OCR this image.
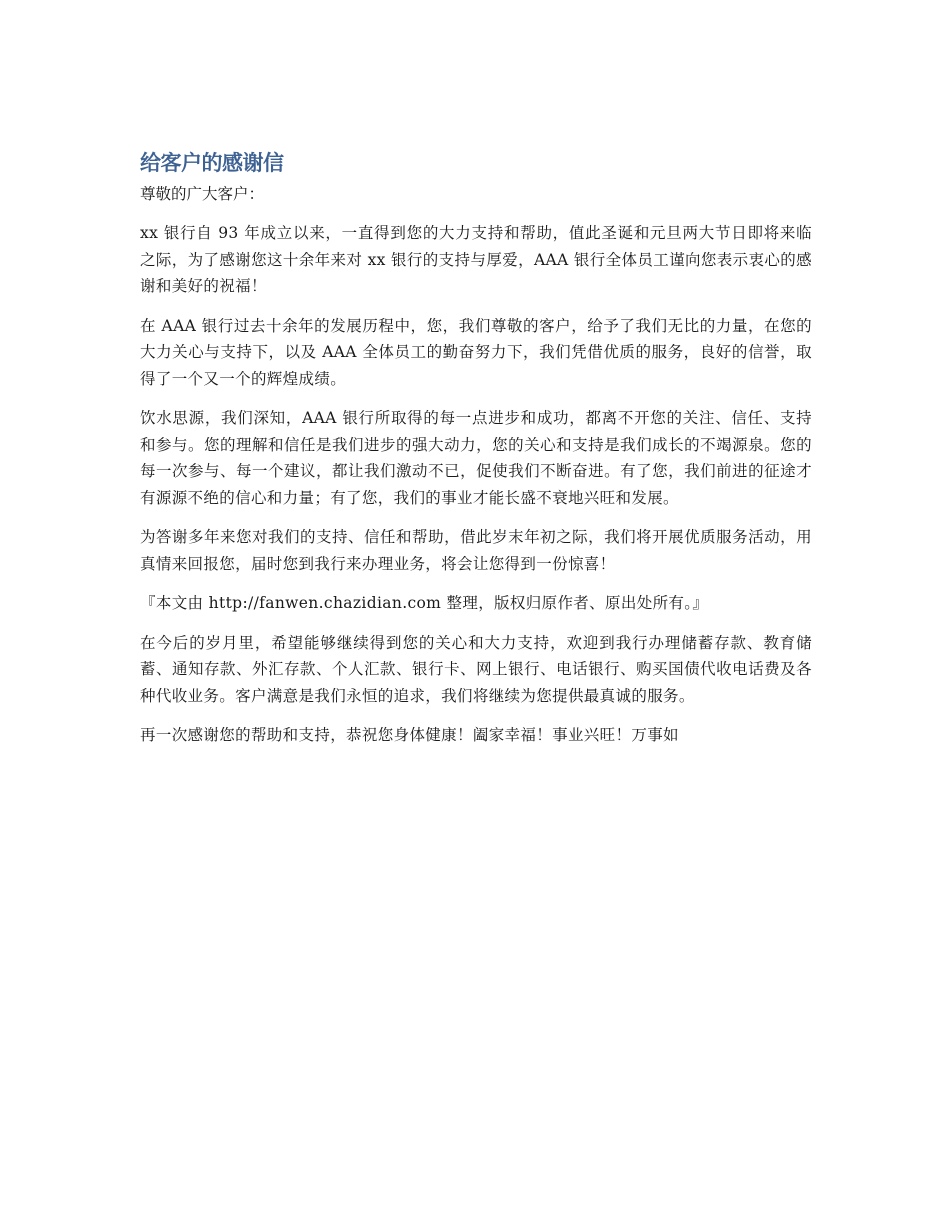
给客户的感谢信

尊敬的广大客户：

xx 银行自 93 年成立以来，一直得到您的大力支持和帮助，值此圣诞和元旦两大节日即将来临之际，为了感谢您这十余年来对 xx 银行的支持与厚爱，AAA 银行全体员工谨向您表示衷心的感谢和美好的祝福！

在 AAA 银行过去十余年的发展历程中，您，我们尊敬的客户，给予了我们无比的力量，在您的大力关心与支持下，以及 AAA 全体员工的勤奋努力下，我们凭借优质的服务，良好的信誉，取得了一个又一个的辉煌成绩。

饮水思源，我们深知，AAA 银行所取得的每一点进步和成功，都离不开您的关注、信任、支持和参与。您的理解和信任是我们进步的强大动力，您的关心和支持是我们成长的不竭源泉。您的每一次参与、每一个建议，都让我们激动不已，促使我们不断奋进。有了您，我们前进的征途才有源源不绝的信心和力量；有了您，我们的事业才能长盛不衰地兴旺和发展。

为答谢多年来您对我们的支持、信任和帮助，借此岁末年初之际，我们将开展优质服务活动，用真情来回报您，届时您到我行来办理业务，将会让您得到一份惊喜！

『本文由 http://fanwen.chazidian.com 整理，版权归原作者、原出处所有。』

在今后的岁月里，希望能够继续得到您的关心和大力支持，欢迎到我行办理储蓄存款、教育储蓄、通知存款、外汇存款、个人汇款、银行卡、网上银行、电话银行、购买国债代收电话费及各种代收业务。客户满意是我们永恒的追求，我们将继续为您提供最真诚的服务。

再一次感谢您的帮助和支持，恭祝您身体健康！阖家幸福！事业兴旺！万事如
